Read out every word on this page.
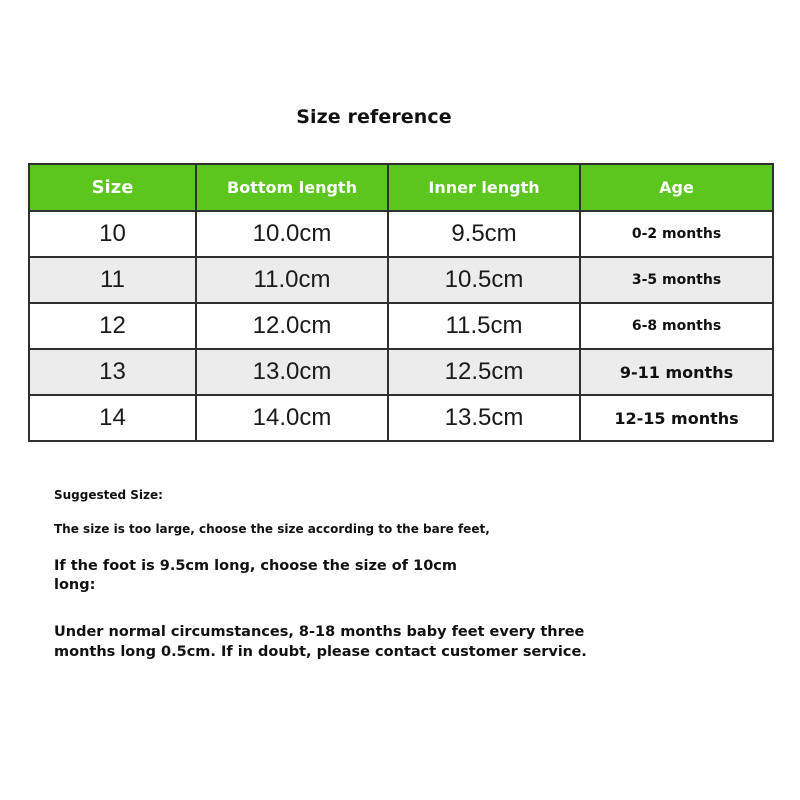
Size reference
Size	Bottom length	Inner length	Age
10	10.0cm	9.5cm	0-2 months
11	11.0cm	10.5cm	3-5 months
12	12.0cm	11.5cm	6-8 months
13	13.0cm	12.5cm	9-11 months
14	14.0cm	13.5cm	12-15 months

Suggested Size:

The size is too large, choose the size according to the bare feet,

If the foot is 9.5cm long, choose the size of 10cm long:

Under normal circumstances, 8-18 months baby feet every three months long 0.5cm. If in doubt, please contact customer service.
